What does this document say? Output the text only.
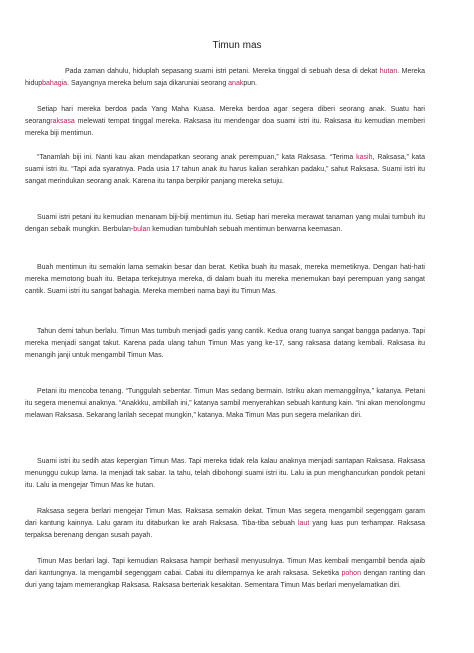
Timun mas
Pada zaman dahulu, hiduplah sepasang suami istri petani. Mereka tinggal di sebuah desa di dekat hutan. Mereka hidupbahagia. Sayangnya mereka belum saja dikaruniai seorang anakpun.
Setiap hari mereka berdoa pada Yang Maha Kuasa. Mereka berdoa agar segera diberi seorang anak. Suatu hari seorangraksasa melewati tempat tinggal mereka. Raksasa itu mendengar doa suami istri itu. Raksasa itu kemudian memberi mereka biji mentimun.
“Tanamlah biji ini. Nanti kau akan mendapatkan seorang anak perempuan,” kata Raksasa. “Terima kasih, Raksasa,” kata suami istri itu. “Tapi ada syaratnya. Pada usia 17 tahun anak itu harus kalian serahkan padaku,” sahut Raksasa. Suami istri itu sangat merindukan seorang anak. Karena itu tanpa berpikir panjang mereka setuju.
Suami istri petani itu kemudian menanam biji-biji mentimun itu. Setiap hari mereka merawat tanaman yang mulai tumbuh itu dengan sebaik mungkin. Berbulan-bulan kemudian tumbuhlah sebuah mentimun berwarna keemasan.
Buah mentimun itu semakin lama semakin besar dan berat. Ketika buah itu masak, mereka memetiknya. Dengan hati-hati mereka memotong buah itu. Betapa terkejutnya mereka, di dalam buah itu mereka menemukan bayi perempuan yang sangat cantik. Suami istri itu sangat bahagia. Mereka memberi nama bayi itu Timun Mas.
Tahun demi tahun berlalu. Timun Mas tumbuh menjadi gadis yang cantik. Kedua orang tuanya sangat bangga padanya. Tapi mereka menjadi sangat takut. Karena pada ulang tahun Timun Mas yang ke-17, sang raksasa datang kembali. Raksasa itu menangih janji untuk mengambil Timun Mas.
Petani itu mencoba tenang. “Tunggulah sebentar. Timun Mas sedang bermain. Istriku akan memanggilnya,” katanya. Petani itu segera menemui anaknya. “Anakkku, ambillah ini,” katanya sambil menyerahkan sebuah kantung kain. “Ini akan menolongmu melawan Raksasa. Sekarang larilah secepat mungkin,” katanya. Maka Timun Mas pun segera melarikan diri.
Suami istri itu sedih atas kepergian Timun Mas. Tapi mereka tidak rela kalau anaknya menjadi santapan Raksasa. Raksasa menunggu cukup lama. Ia menjadi tak sabar. Ia tahu, telah dibohongi suami istri itu. Lalu ia pun menghancurkan pondok petani itu. Lalu ia mengejar Timun Mas ke hutan.
Raksasa segera berlari mengejar Timun Mas. Raksasa semakin dekat. Timun Mas segera mengambil segenggam garam dari kantung kainnya. Lalu garam itu ditaburkan ke arah Raksasa. Tiba-tiba sebuah laut yang luas pun terhampar. Raksasa terpaksa berenang dengan susah payah.
Timun Mas berlari lagi. Tapi kemudian Raksasa hampir berhasil menyusulnya. Timun Mas kembali mengambil benda ajaib dari kantungnya. Ia mengambil segenggam cabai. Cabai itu dilemparnya ke arah raksasa. Seketika pohon dengan ranting dan duri yang tajam memerangkap Raksasa. Raksasa berteriak kesakitan. Sementara Timun Mas berlari menyelamatkan diri.
